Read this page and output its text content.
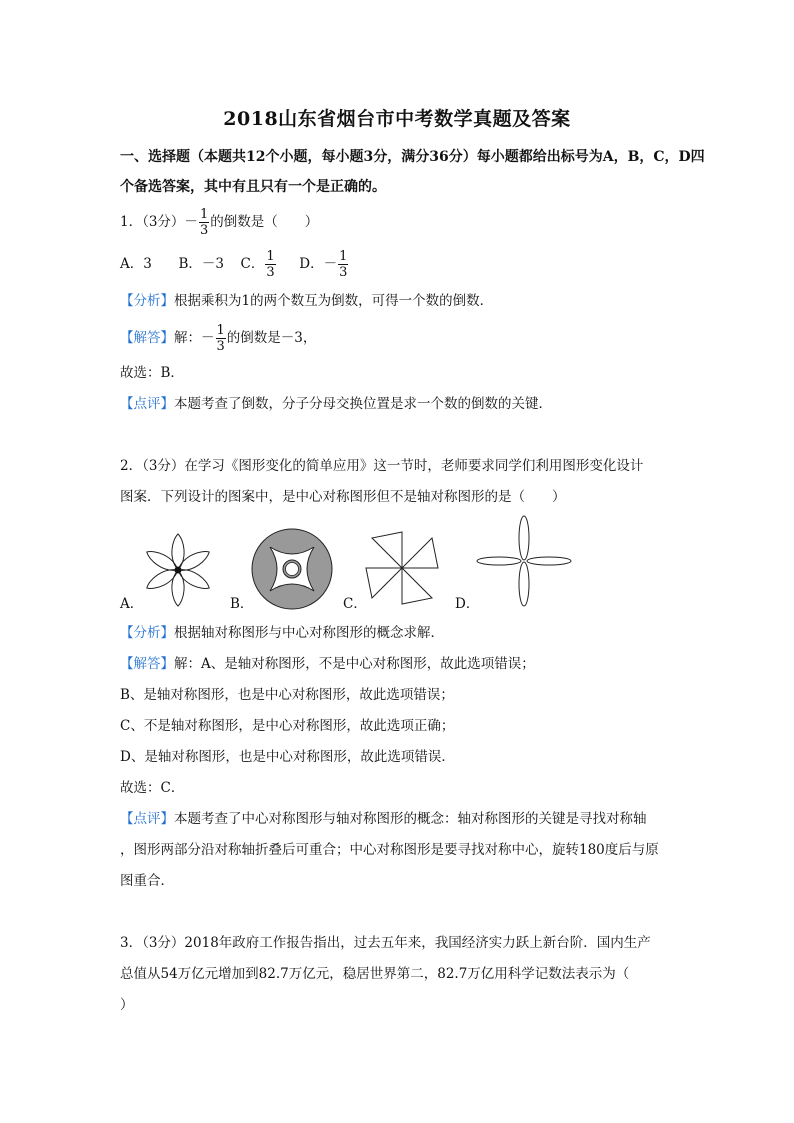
2018山东省烟台市中考数学真题及答案
一、选择题（本题共12个小题，每小题3分，满分36分）每小题都给出标号为A，B，C，D四
个备选答案，其中有且只有一个是正确的。
1．（3分）－ $\frac{1}{3}$ 的倒数是（　　）
A．3 B．－3 C． $\frac{1}{3}$ D．－ $\frac{1}{3}$
【分析】根据乘积为1的两个数互为倒数，可得一个数的倒数．
【解答】解：－ $\frac{1}{3}$ 的倒数是－3，
故选：B．
【点评】本题考查了倒数，分子分母交换位置是求一个数的倒数的关键．
2．（3分）在学习《图形变化的简单应用》这一节时，老师要求同学们利用图形变化设计
图案．下列设计的图案中，是中心对称图形但不是轴对称图形的是（　　）
A．	B．	C．	D．
【分析】根据轴对称图形与中心对称图形的概念求解．
【解答】解：A、是轴对称图形，不是中心对称图形，故此选项错误；
B、是轴对称图形，也是中心对称图形，故此选项错误；
C、不是轴对称图形，是中心对称图形，故此选项正确；
D、是轴对称图形，也是中心对称图形，故此选项错误．
故选：C．
【点评】本题考查了中心对称图形与轴对称图形的概念：轴对称图形的关键是寻找对称轴
，图形两部分沿对称轴折叠后可重合；中心对称图形是要寻找对称中心，旋转180度后与原
图重合．
3．（3分）2018年政府工作报告指出，过去五年来，我国经济实力跃上新台阶．国内生产
总值从54万亿元增加到82.7万亿元，稳居世界第二，82.7万亿用科学记数法表示为（
）
